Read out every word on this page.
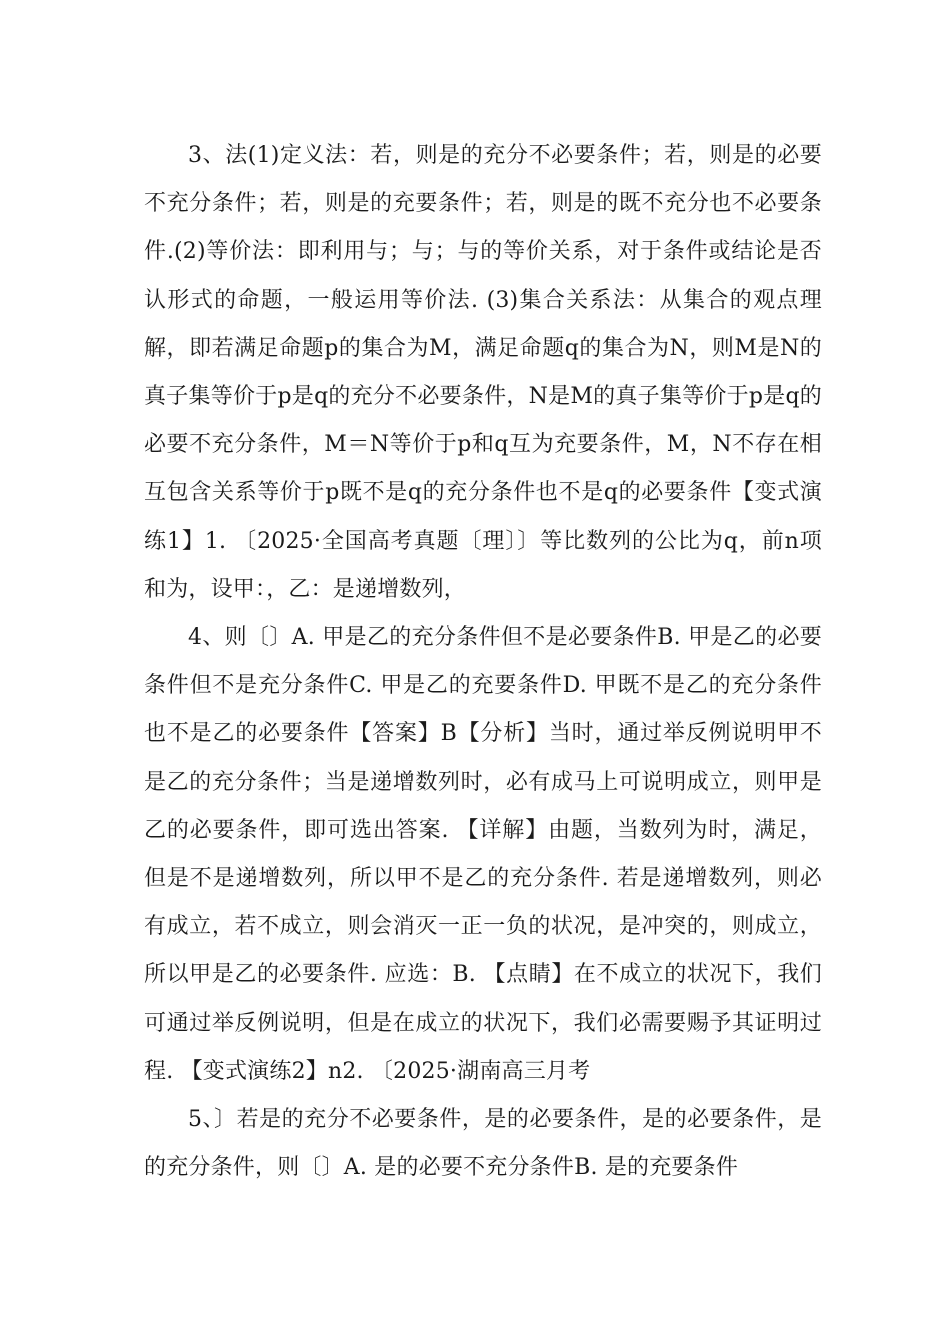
3、法(1)定义法：若，则是的充分不必要条件；若，则是的必要不充分条件；若，则是的充要条件；若，则是的既不充分也不必要条件.(2)等价法：即利用与；与；与的等价关系，对于条件或结论是否认形式的命题，一般运用等价法. (3)集合关系法：从集合的观点理解，即若满足命题p的集合为M，满足命题q的集合为N，则M是N的真子集等价于p是q的充分不必要条件，N是M的真子集等价于p是q的必要不充分条件，M＝N等价于p和q互为充要条件，M，N不存在相互包含关系等价于p既不是q的充分条件也不是q的必要条件【变式演练1】1. 〔2025·全国高考真题〔理〕〕等比数列的公比为q，前n项和为，设甲：，乙：是递增数列，

4、则〔〕A. 甲是乙的充分条件但不是必要条件B. 甲是乙的必要条件但不是充分条件C. 甲是乙的充要条件D. 甲既不是乙的充分条件也不是乙的必要条件【答案】B【分析】当时，通过举反例说明甲不是乙的充分条件；当是递增数列时，必有成马上可说明成立，则甲是乙的必要条件，即可选出答案. 【详解】由题，当数列为时，满足，但是不是递增数列，所以甲不是乙的充分条件. 若是递增数列，则必有成立，若不成立，则会消灭一正一负的状况，是冲突的，则成立，所以甲是乙的必要条件. 应选：B. 【点睛】在不成立的状况下，我们可通过举反例说明，但是在成立的状况下，我们必需要赐予其证明过程. 【变式演练2】n2. 〔2025·湖南高三月考

5、〕若是的充分不必要条件，是的必要条件，是的必要条件，是的充分条件，则〔〕A. 是的必要不充分条件B. 是的充要条件
